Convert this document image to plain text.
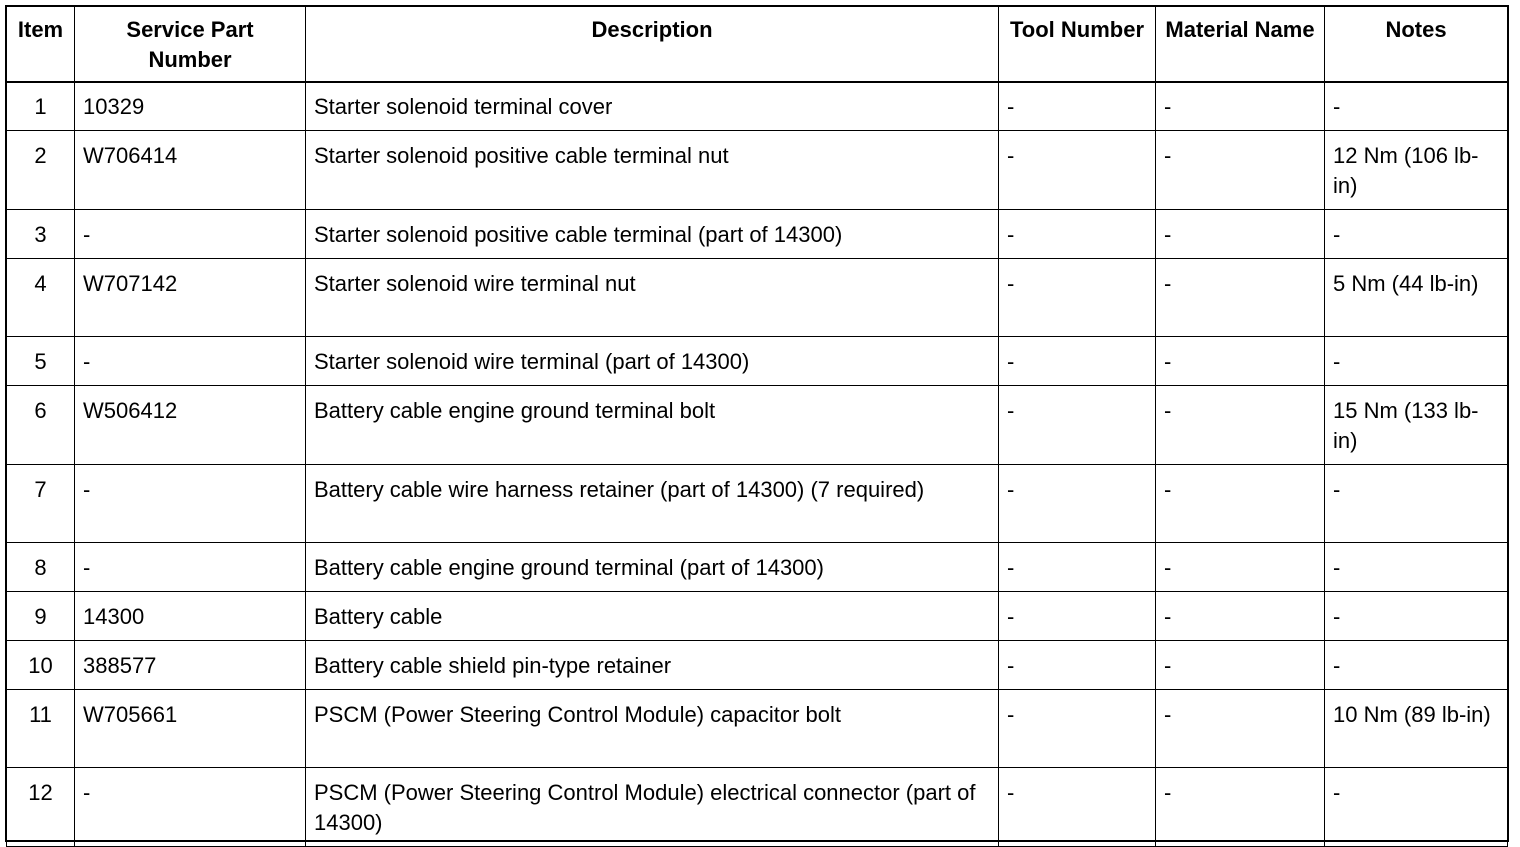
Item	Service Part Number	Description	Tool Number	Material Name	Notes
1	10329	Starter solenoid terminal cover	-	-	-
2	W706414	Starter solenoid positive cable terminal nut	-	-	12 Nm (106 lb-in)
3	-	Starter solenoid positive cable terminal (part of 14300)	-	-	-
4	W707142	Starter solenoid wire terminal nut	-	-	5 Nm (44 lb-in)
5	-	Starter solenoid wire terminal (part of 14300)	-	-	-
6	W506412	Battery cable engine ground terminal bolt	-	-	15 Nm (133 lb-in)
7	-	Battery cable wire harness retainer (part of 14300) (7 required)	-	-	-
8	-	Battery cable engine ground terminal (part of 14300)	-	-	-
9	14300	Battery cable	-	-	-
10	388577	Battery cable shield pin-type retainer	-	-	-
11	W705661	PSCM (Power Steering Control Module) capacitor bolt	-	-	10 Nm (89 lb-in)
12	-	PSCM (Power Steering Control Module) electrical connector (part of 14300)	-	-	-
